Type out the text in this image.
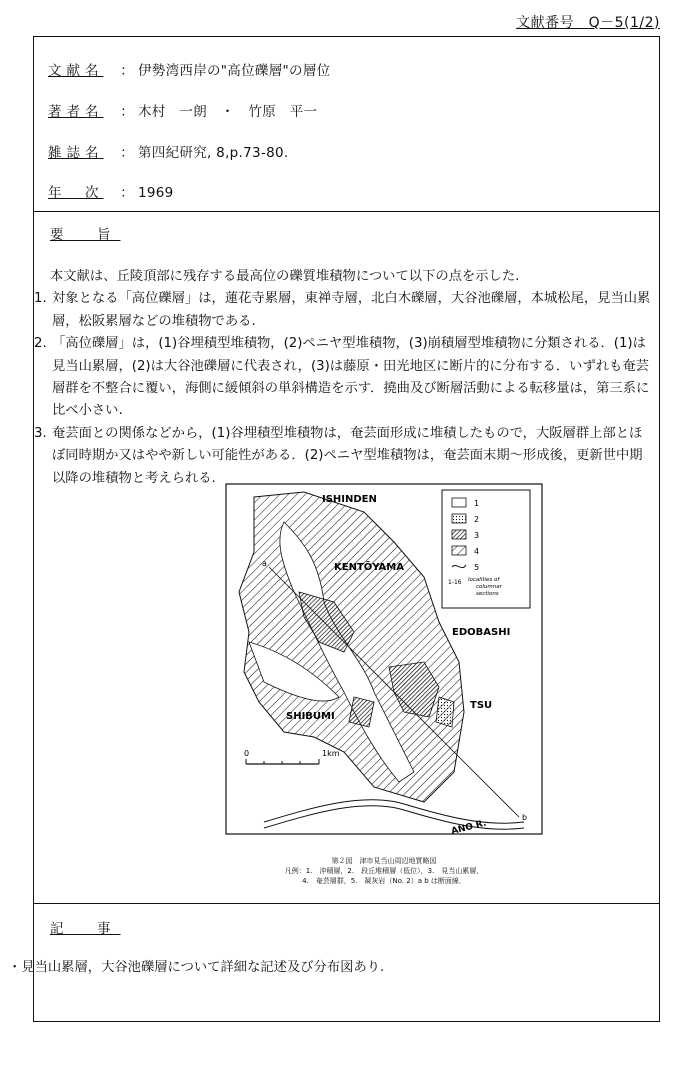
文献番号　Q－5(1/2)
文献名	： 伊勢湾西岸の"高位礫層"の層位
著者名	： 木村　一朗　・　竹原　平一
雑誌名	： 第四紀研究, 8,p.73-80.
年　次	： 1969
要　旨

本文献は、丘陵頂部に残存する最高位の礫質堆積物について以下の点を示した.

1. 対象となる「高位礫層」は，蓮花寺累層，東禅寺層，北白木礫層，大谷池礫層，本城松尾，見当山累層，松阪累層などの堆積物である.

2. 「高位礫層」は，(1)谷埋積型堆積物，(2)ペニヤ型堆積物，(3)崩積層型堆積物に分類される．(1)は見当山累層，(2)は大谷池礫層に代表され，(3)は藤原・田光地区に断片的に分布する．いずれも奄芸層群を不整合に覆い，海側に緩傾斜の単斜構造を示す．撓曲及び断層活動による転移量は，第三系に比べ小さい.

3. 奄芸面との関係などから，(1)谷埋積型堆積物は，奄芸面形成に堆積したもので，大阪層群上部とほぼ同時期か又はやや新しい可能性がある．(2)ペニヤ型堆積物は，奄芸面末期～形成後，更新世中期以降の堆積物と考えられる.

a
b
ISHINDEN
KENTŌYAMA
EDOBASHI
SHIBUMI
TSU
ANO R.
1
2
3
4
5
1-16 localities of
columnar
sections
0	1km
第２図　津市見当山周辺地質略図
凡例：1.　沖積層，2.　段丘堆積層（低位），3.　見当山累層，
4.　奄芸層群，5.　凝灰岩（No. 2）a b は断面線．
記　事
・見当山累層，大谷池礫層について詳細な記述及び分布図あり.
